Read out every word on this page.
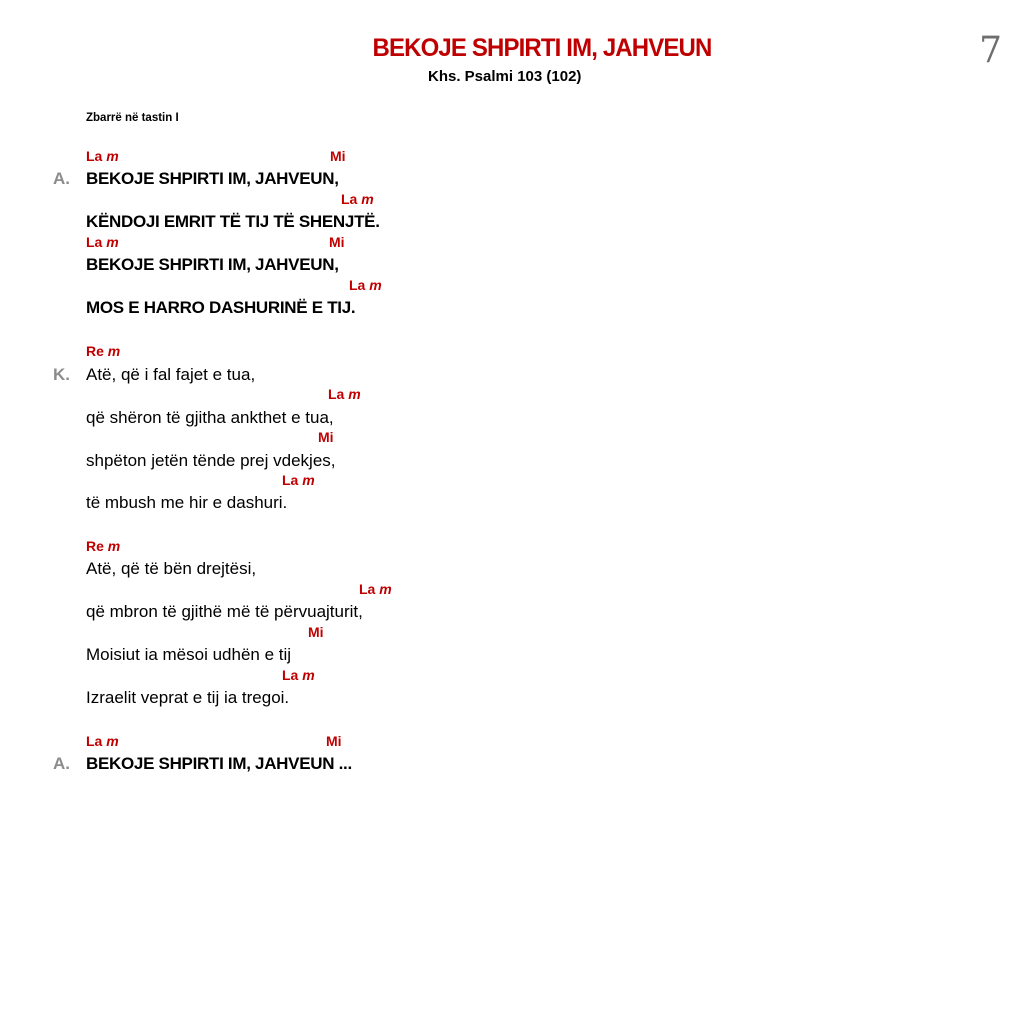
BEKOJE SHPIRTI IM, JAHVEUN
Khs. Psalmi 103 (102)
7
Zbarrë në tastin I
La m	Mi
A. BEKOJE SHPIRTI IM, JAHVEUN,
La m
KËNDOJI EMRIT TË TIJ TË SHENJTË.
La m	Mi
BEKOJE SHPIRTI IM, JAHVEUN,
La m
MOS E HARRO DASHURINË E TIJ.
Re m
K. Atë, që i fal fajet e tua,
La m
që shëron të gjitha ankthet e tua,
Mi
shpëton jetën tënde prej vdekjes,
La m
të mbush me hir e dashuri.
Re m
Atë, që të bën drejtësi,
La m
që mbron të gjithë më të përvuajturit,
Mi
Moisiut ia mësoi udhën e tij
La m
Izraelit veprat e tij ia tregoi.
La m	Mi
A. BEKOJE SHPIRTI IM, JAHVEUN ...
